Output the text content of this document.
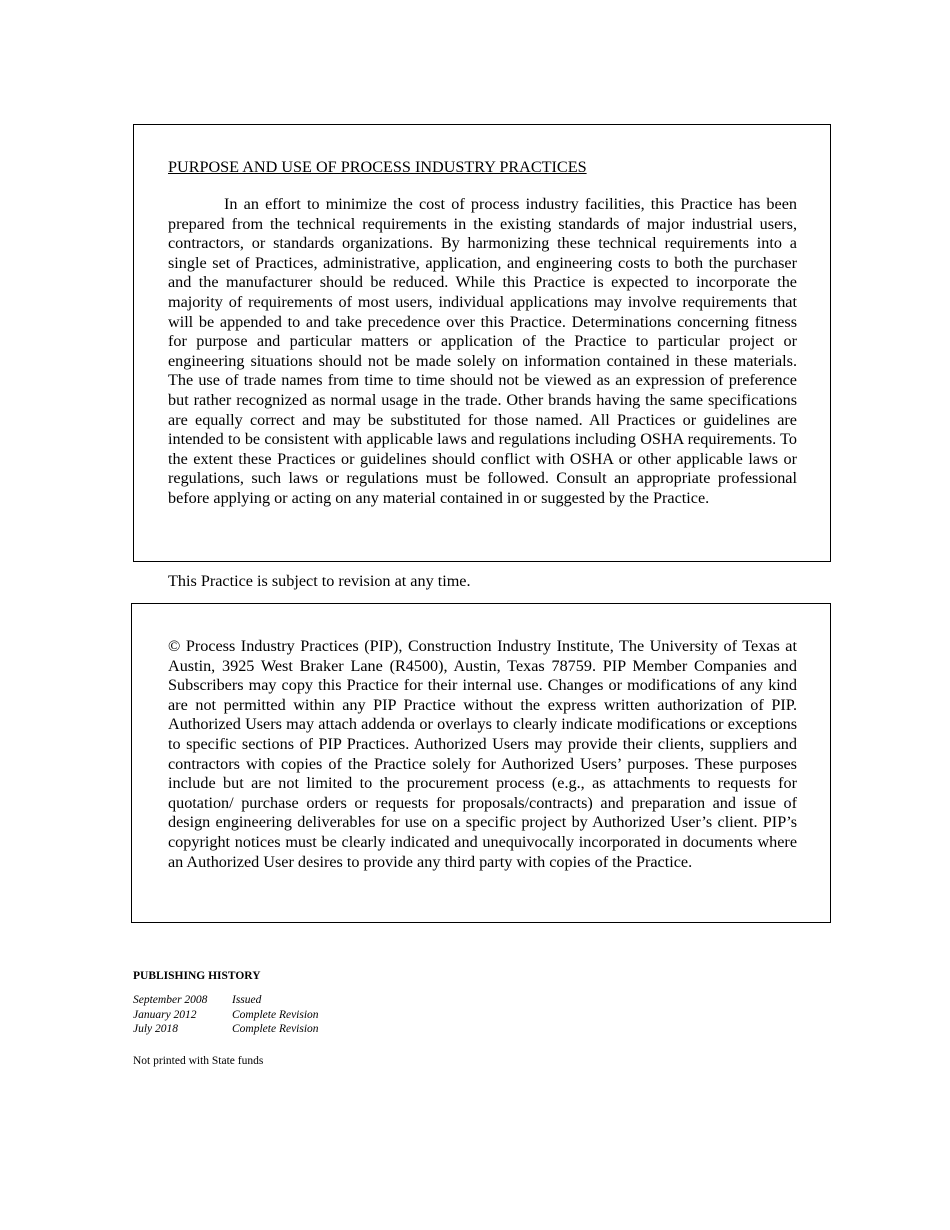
PURPOSE AND USE OF PROCESS INDUSTRY PRACTICES

In an effort to minimize the cost of process industry facilities, this Practice has been prepared from the technical requirements in the existing standards of major industrial users, contractors, or standards organizations. By harmonizing these technical requirements into a single set of Practices, administrative, application, and engineering costs to both the purchaser and the manufacturer should be reduced. While this Practice is expected to incorporate the majority of requirements of most users, individual applications may involve requirements that will be appended to and take precedence over this Practice. Determinations concerning fitness for purpose and particular matters or application of the Practice to particular project or engineering situations should not be made solely on information contained in these materials. The use of trade names from time to time should not be viewed as an expression of preference but rather recognized as normal usage in the trade. Other brands having the same specifications are equally correct and may be substituted for those named. All Practices or guidelines are intended to be consistent with applicable laws and regulations including OSHA requirements. To the extent these Practices or guidelines should conflict with OSHA or other applicable laws or regulations, such laws or regulations must be followed. Consult an appropriate professional before applying or acting on any material contained in or suggested by the Practice.

This Practice is subject to revision at any time.

© Process Industry Practices (PIP), Construction Industry Institute, The University of Texas at Austin, 3925 West Braker Lane (R4500), Austin, Texas 78759. PIP Member Companies and Subscribers may copy this Practice for their internal use. Changes or modifications of any kind are not permitted within any PIP Practice without the express written authorization of PIP. Authorized Users may attach addenda or overlays to clearly indicate modifications or exceptions to specific sections of PIP Practices. Authorized Users may provide their clients, suppliers and contractors with copies of the Practice solely for Authorized Users’ purposes. These purposes include but are not limited to the procurement process (e.g., as attachments to requests for quotation/ purchase orders or requests for proposals/contracts) and preparation and issue of design engineering deliverables for use on a specific project by Authorized User’s client. PIP’s copyright notices must be clearly indicated and unequivocally incorporated in documents where an Authorized User desires to provide any third party with copies of the Practice.

PUBLISHING HISTORY
September 2008	Issued
January 2012	Complete Revision
July 2018	Complete Revision

Not printed with State funds
